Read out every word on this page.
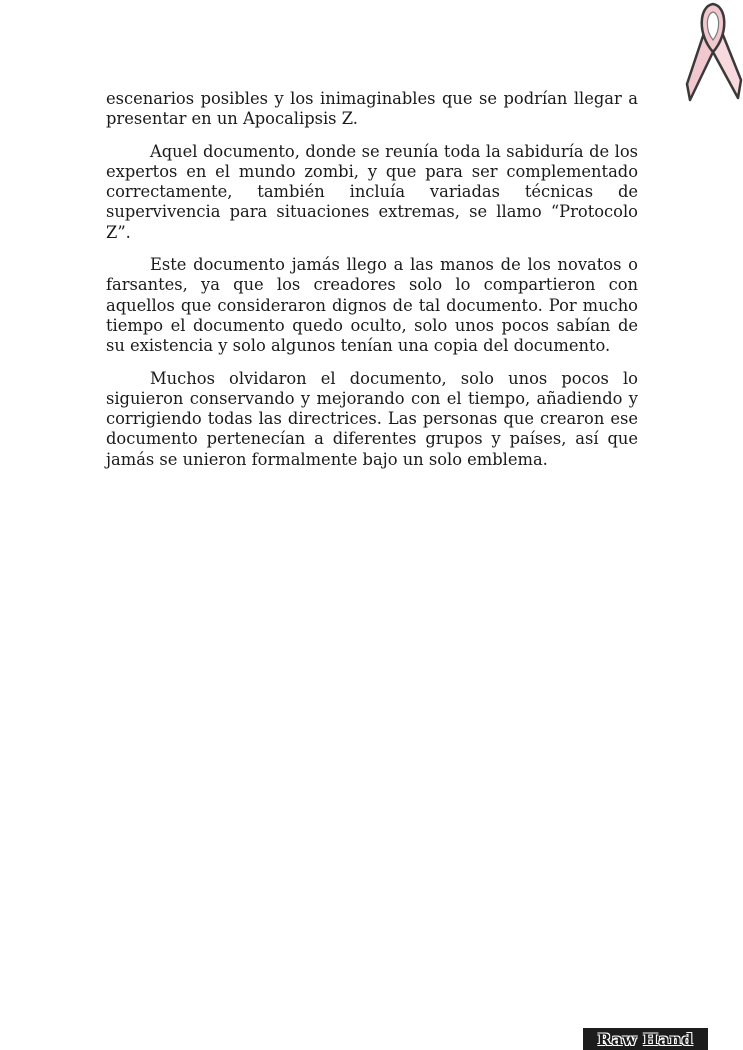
escenarios posibles y los inimaginables que se podrían llegar a presentar en un Apocalipsis Z.

Aquel documento, donde se reunía toda la sabiduría de los expertos en el mundo zombi, y que para ser complementado correctamente, también incluía variadas técnicas de supervivencia para situaciones extremas, se llamo “Protocolo Z”.

Este documento jamás llego a las manos de los novatos o farsantes, ya que los creadores solo lo compartieron con aquellos que consideraron dignos de tal documento. Por mucho tiempo el documento quedo oculto, solo unos pocos sabían de su existencia y solo algunos tenían una copia del documento.

Muchos olvidaron el documento, solo unos pocos lo siguieron conservando y mejorando con el tiempo, añadiendo y corrigiendo todas las directrices. Las personas que crearon ese documento pertenecían a diferentes grupos y países, así que jamás se unieron formalmente bajo un solo emblema.

Raw Hand
